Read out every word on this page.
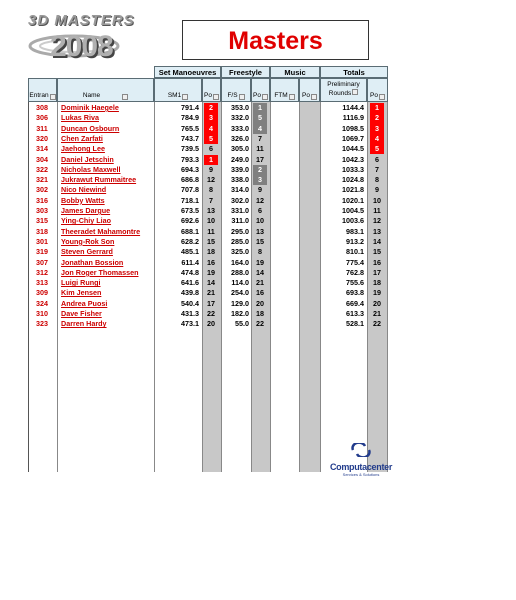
3D MASTERS
2008	Masters
Set Manoeuvres	Freestyle	Music	Totals
Entran	Name	SM1	Po F/S Po FTM Po
Preliminary
Rounds	Po
308	Dominik Haegele	791.4	2	353.0	1	1144.4	1
306	Lukas Riva	784.9	3	332.0	5	1116.9	2
311	Duncan Osbourn	765.5	4	333.0	4	1098.5	3
320	Chen Zarfati	743.7	5	326.0	7	1069.7	4
314	Jaehong Lee	739.5	6	305.0 11	1044.5	5
304	Daniel Jetschin	793.3	1	249.0 17	1042.3	6
322	Nicholas Maxwell	694.3	9	339.0	2	1033.3	7
321	Jukrawut Rummaitree	686.8	12	338.0	3	1024.8	8
302	Nico Niewind	707.8	8	314.0	9	1021.8	9
316	Bobby Watts	718.1	7	302.0 12	1020.1	10
303	James Dargue	673.5	13	331.0	6	1004.5	11
315	Ying-Chiy Liao	692.6	10	311.0 10	1003.6	12
318	Theeradet Mahamontre	688.1	11	295.0 13	983.1	13
301	Young-Rok Son	628.2	15	285.0 15	913.2	14
319	Steven Gerrard	485.1	18	325.0	8	810.1	15
307	Jonathan Bossion	611.4	16	164.0 19	775.4	16
312	Jon Roger Thomassen	474.8	19	288.0 14	762.8	17
313	Luigi Rungi	641.6	14	114.0 21	755.6	18
309	Kim Jensen	439.8	21	254.0 16	693.8	19
324	Andrea Puosi	540.4	17	129.0 20	669.4	20
310	Dave Fisher	431.3	22	182.0 18	613.3	21
323	Darren Hardy	473.1	20	55.0 22	528.1	22
Computacenter
Services & Solutions
